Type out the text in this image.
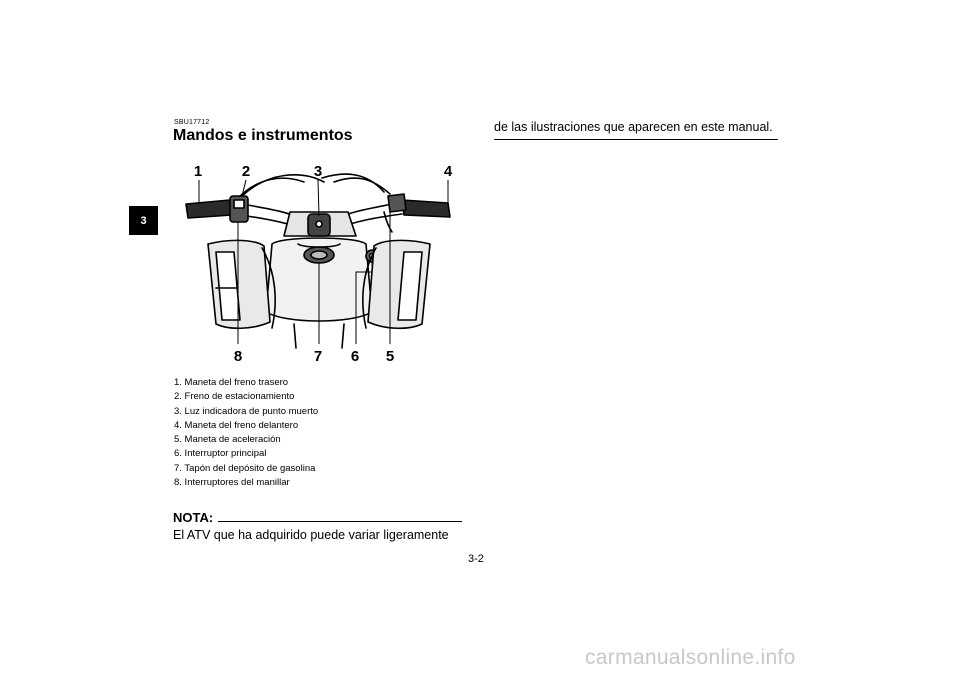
3
SBU17712
Mandos e instrumentos
1	2	3	4
5
6
7
8
1. Maneta del freno trasero
2. Freno de estacionamiento
3. Luz indicadora de punto muerto
4. Maneta del freno delantero
5. Maneta de aceleración
6. Interruptor principal
7. Tapón del depósito de gasolina
8. Interruptores del manillar
NOTA:
El ATV que ha adquirido puede variar ligeramente
de las ilustraciones que aparecen en este manual.
3-2
carmanualsonline.info
